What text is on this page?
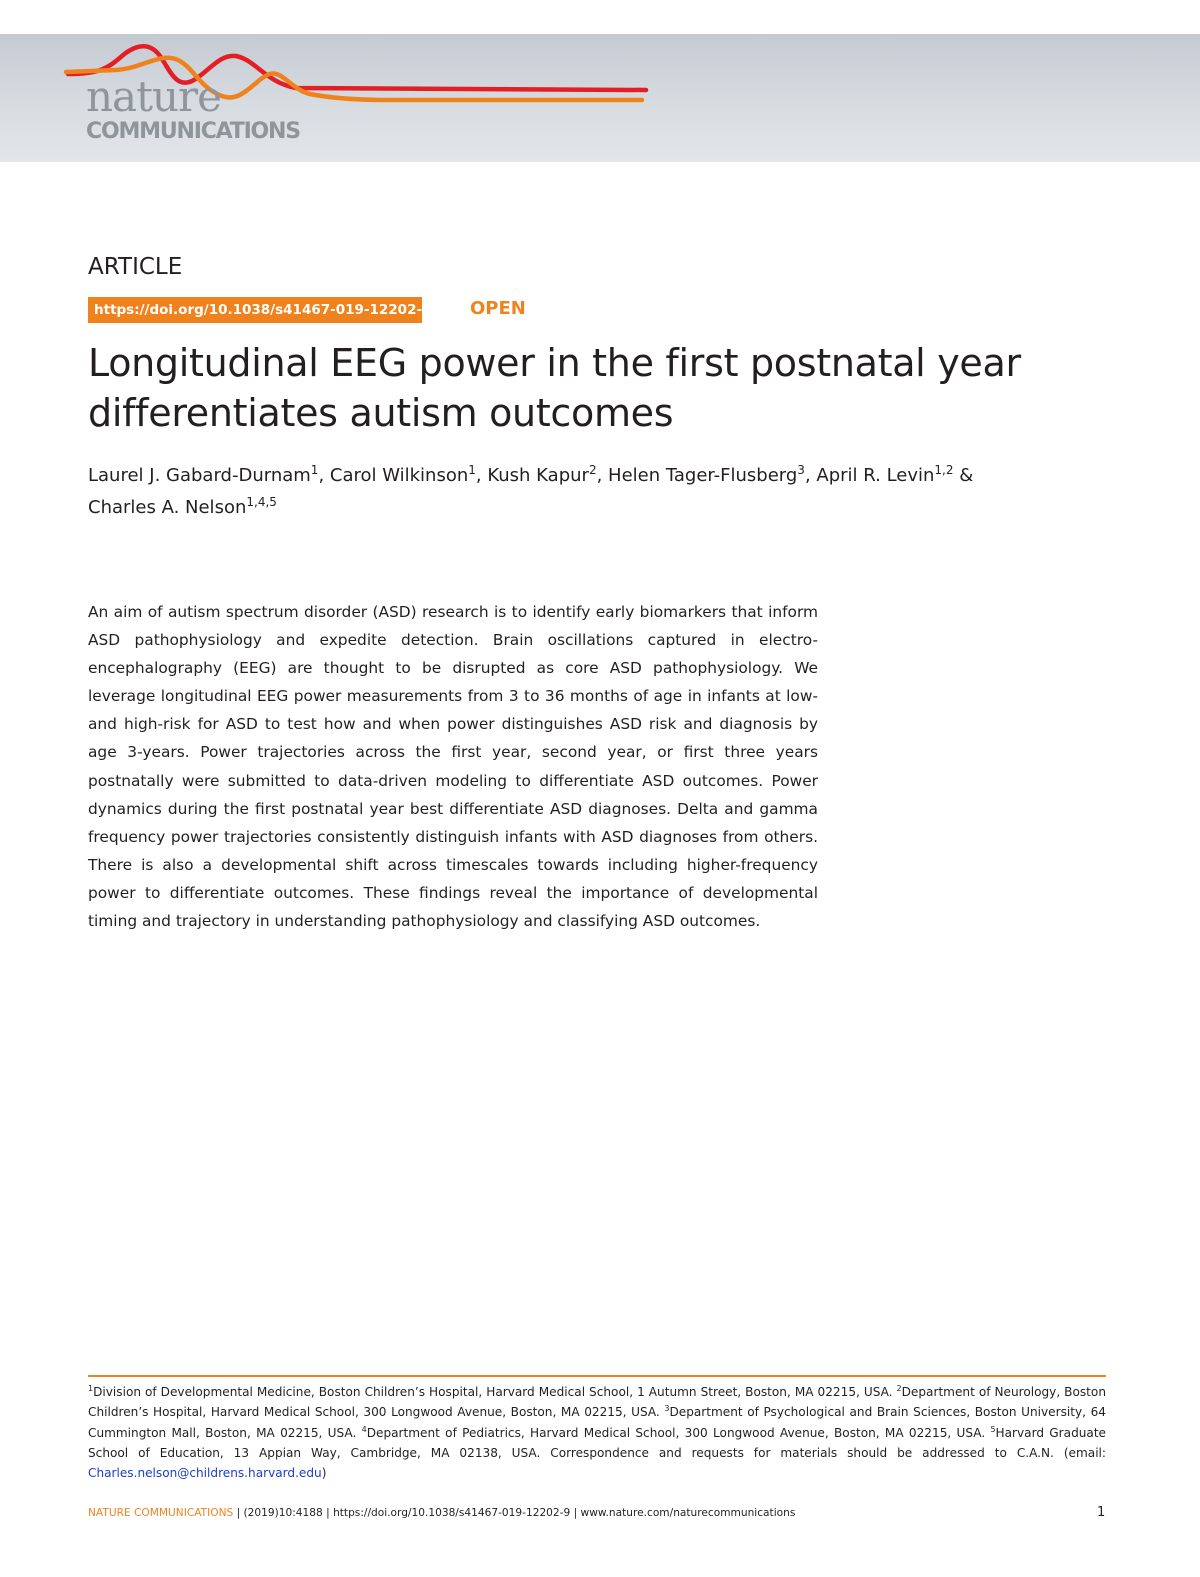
nature
COMMUNICATIONS
ARTICLE
https://doi.org/10.1038/s41467-019-12202-9 OPEN
Longitudinal EEG power in the first postnatal year differentiates autism outcomes

Laurel J. Gabard-Durnam$^1$, Carol Wilkinson$^1$, Kush Kapur$^2$, Helen Tager-Flusberg$^3$, April R. Levin$^{1,2}$ &
Charles A. Nelson$^{1,4,5}$

An aim of autism spectrum disorder (ASD) research is to identify early biomarkers that inform ASD pathophysiology and expedite detection. Brain oscillations captured in electro-encephalography (EEG) are thought to be disrupted as core ASD pathophysiology. We leverage longitudinal EEG power measurements from 3 to 36 months of age in infants at low- and high-risk for ASD to test how and when power distinguishes ASD risk and diagnosis by age 3-years. Power trajectories across the first year, second year, or first three years postnatally were submitted to data-driven modeling to differentiate ASD outcomes. Power dynamics during the first postnatal year best differentiate ASD diagnoses. Delta and gamma frequency power trajectories consistently distinguish infants with ASD diagnoses from others. There is also a developmental shift across timescales towards including higher-frequency power to differentiate outcomes. These findings reveal the importance of developmental timing and trajectory in understanding pathophysiology and classifying ASD outcomes.

$^1$Division of Developmental Medicine, Boston Children’s Hospital, Harvard Medical School, 1 Autumn Street, Boston, MA 02215, USA. $^2$Department of Neurology, Boston Children’s Hospital, Harvard Medical School, 300 Longwood Avenue, Boston, MA 02215, USA. $^3$Department of Psychological and Brain Sciences, Boston University, 64 Cummington Mall, Boston, MA 02215, USA. $^4$Department of Pediatrics, Harvard Medical School, 300 Longwood Avenue, Boston, MA 02215, USA. $^5$Harvard Graduate School of Education, 13 Appian Way, Cambridge, MA 02138, USA. Correspondence and requests for materials should be addressed to C.A.N. (email: Charles.nelson@childrens.harvard.edu)

NATURE COMMUNICATIONS | (2019)10:4188 | https://doi.org/10.1038/s41467-019-12202-9 | www.nature.com/naturecommunications	1
